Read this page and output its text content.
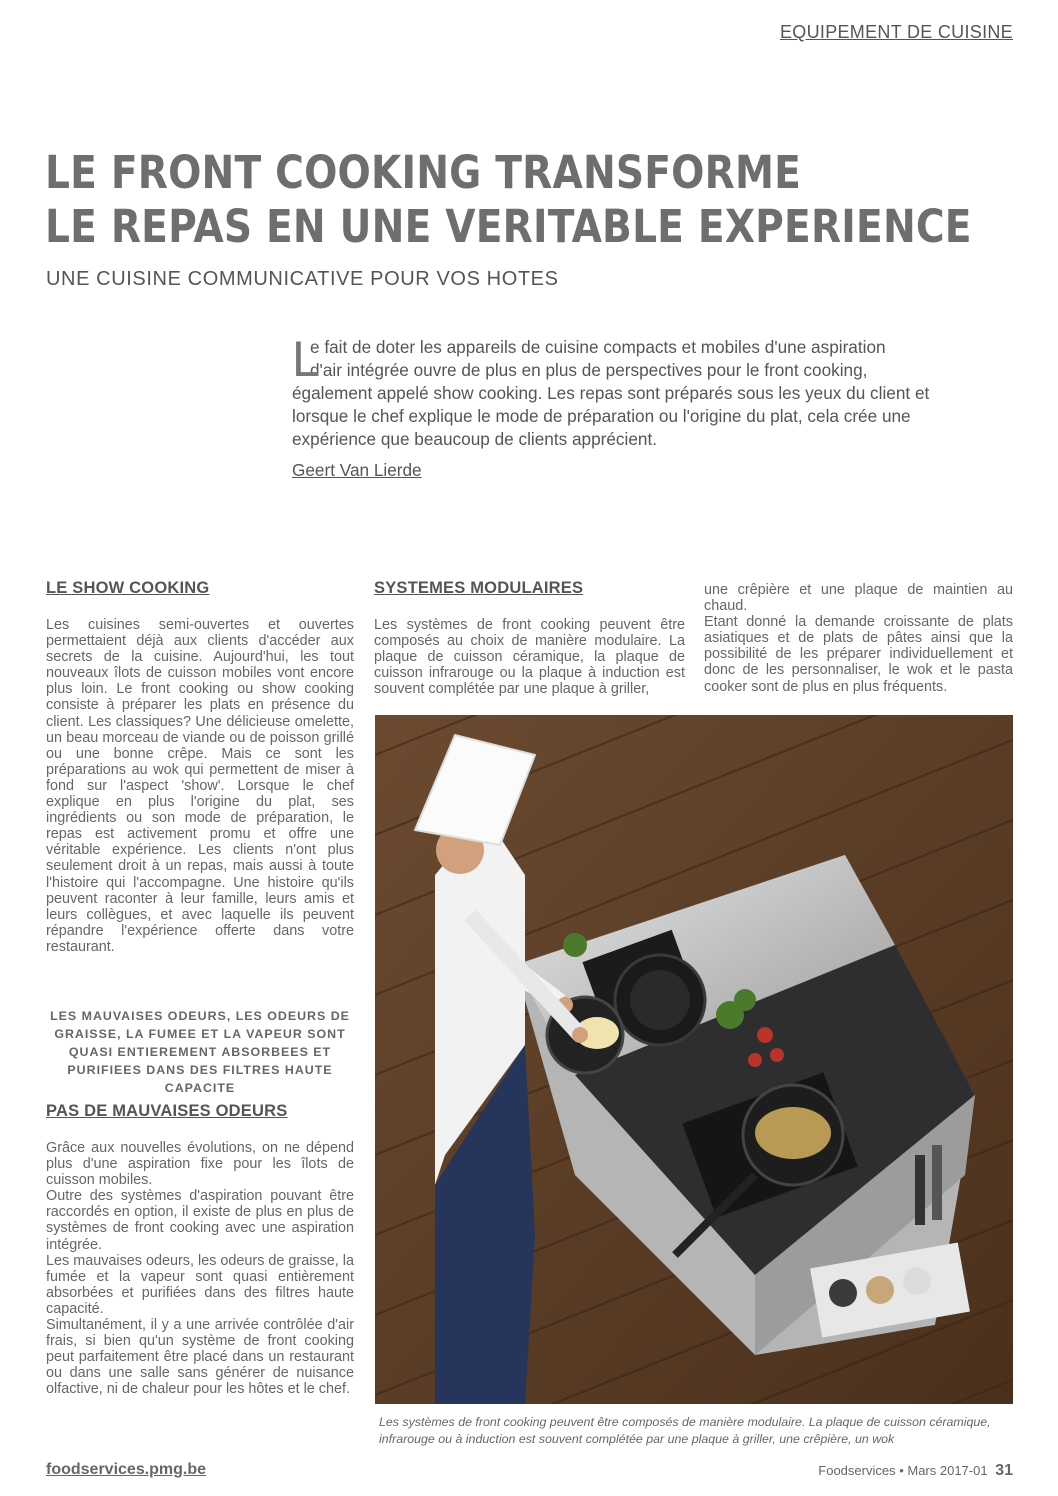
EQUIPEMENT DE CUISINE
LE FRONT COOKING TRANSFORME
LE REPAS EN UNE VERITABLE EXPERIENCE
UNE CUISINE COMMUNICATIVE POUR VOS HOTES
L
e fait de doter les appareils de cuisine compacts et mobiles d'une aspiration
d'air intégrée ouvre de plus en plus de perspectives pour le front cooking, également appelé show cooking. Les repas sont préparés sous les yeux du client et lorsque le chef explique le mode de préparation ou l'origine du plat, cela crée une expérience que beaucoup de clients apprécient.
Geert Van Lierde
LE SHOW COOKING

Les cuisines semi-ouvertes et ouvertes permettaient déjà aux clients d'accéder aux secrets de la cuisine. Aujourd'hui, les tout nouveaux îlots de cuisson mobiles vont encore plus loin. Le front cooking ou show cooking consiste à préparer les plats en présence du client. Les classiques? Une délicieuse omelette, un beau morceau de viande ou de poisson grillé ou une bonne crêpe. Mais ce sont les préparations au wok qui permettent de miser à fond sur l'aspect 'show'. Lorsque le chef explique en plus l'origine du plat, ses ingrédients ou son mode de préparation, le repas est activement promu et offre une véritable expérience. Les clients n'ont plus seulement droit à un repas, mais aussi à toute l'histoire qui l'accompagne. Une histoire qu'ils peuvent raconter à leur famille, leurs amis et leurs collègues, et avec laquelle ils peuvent répandre l'expérience offerte dans votre restaurant.

LES MAUVAISES ODEURS, LES ODEURS DE GRAISSE, LA FUMEE ET LA VAPEUR SONT QUASI ENTIEREMENT ABSORBEES ET PURIFIEES DANS DES FILTRES HAUTE CAPACITE
PAS DE MAUVAISES ODEURS

Grâce aux nouvelles évolutions, on ne dépend plus d'une aspiration fixe pour les îlots de cuisson mobiles.

Outre des systèmes d'aspiration pouvant être raccordés en option, il existe de plus en plus de systèmes de front cooking avec une aspiration intégrée.

Les mauvaises odeurs, les odeurs de graisse, la fumée et la vapeur sont quasi entièrement absorbées et purifiées dans des filtres haute capacité.

Simultanément, il y a une arrivée contrôlée d'air frais, si bien qu'un système de front cooking peut parfaitement être placé dans un restaurant ou dans une salle sans générer de nuisance olfactive, ni de chaleur pour les hôtes et le chef.

SYSTEMES MODULAIRES

Les systèmes de front cooking peuvent être composés au choix de manière modulaire. La plaque de cuisson céramique, la plaque de cuisson infrarouge ou la plaque à induction est souvent complétée par une plaque à griller,

une crêpière et une plaque de maintien au chaud.

Etant donné la demande croissante de plats asiatiques et de plats de pâtes ainsi que la possibilité de les préparer individuellement et donc de les personnaliser, le wok et le pasta cooker sont de plus en plus fréquents.

Les systèmes de front cooking peuvent être composés de manière modulaire. La plaque de cuisson céramique, infrarouge ou à induction est souvent complétée par une plaque à griller, une crêpière, un wok
foodservices.pmg.be	Foodservices • Mars 2017-01 31
